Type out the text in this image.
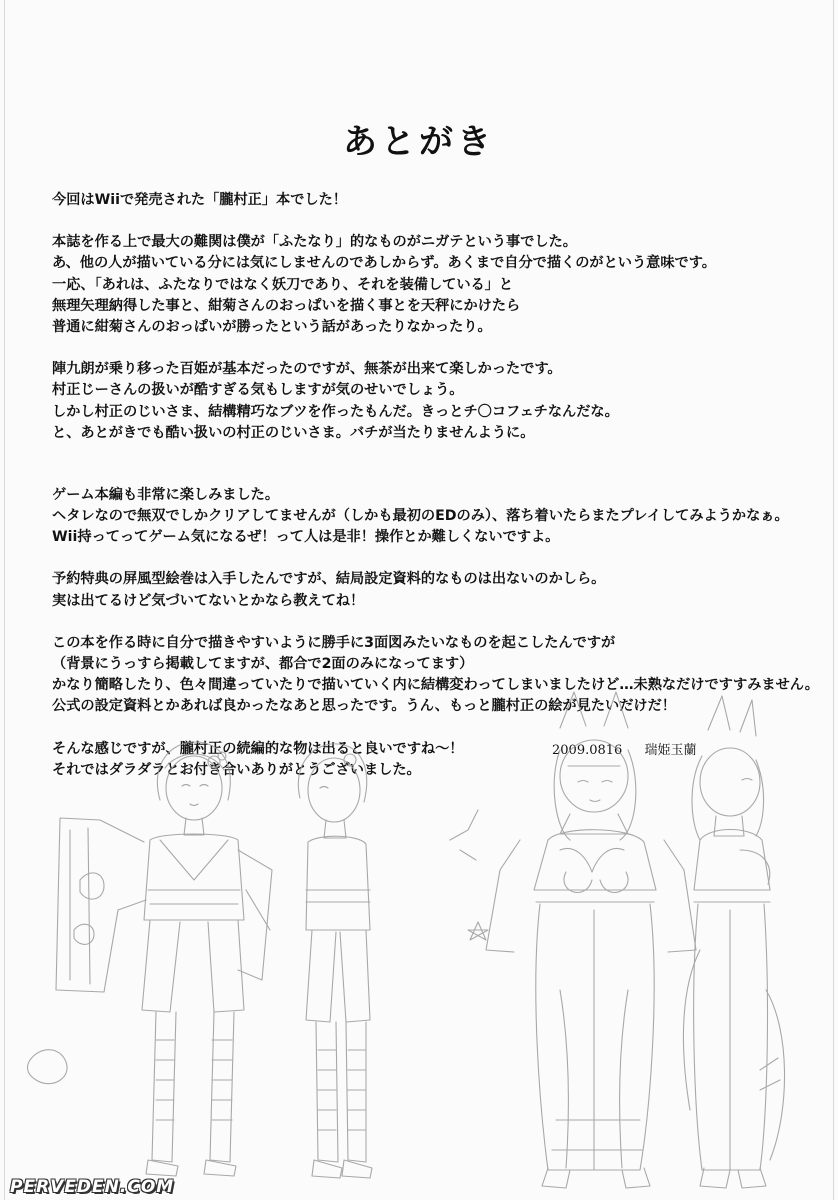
あとがき

今回はWiiで発売された「朧村正」本でした！

本誌を作る上で最大の難関は僕が「ふたなり」的なものがニガテという事でした。
あ、他の人が描いている分には気にしませんのであしからず。あくまで自分で描くのがという意味です。
一応、「あれは、ふたなりではなく妖刀であり、それを装備している」と
無理矢理納得した事と、紺菊さんのおっぱいを描く事とを天秤にかけたら
普通に紺菊さんのおっぱいが勝ったという話があったりなかったり。

陣九朗が乗り移った百姫が基本だったのですが、無茶が出来て楽しかったです。
村正じーさんの扱いが酷すぎる気もしますが気のせいでしょう。
しかし村正のじいさま、結構精巧なブツを作ったもんだ。きっとチ〇コフェチなんだな。
と、あとがきでも酷い扱いの村正のじいさま。バチが当たりませんように。

ゲーム本編も非常に楽しみました。
ヘタレなので無双でしかクリアしてませんが（しかも最初のEDのみ）、落ち着いたらまたプレイしてみようかなぁ。
Wii持ってってゲーム気になるぜ！って人は是非！操作とか難しくないですよ。

予約特典の屏風型絵巻は入手したんですが、結局設定資料的なものは出ないのかしら。
実は出てるけど気づいてないとかなら教えてね！

この本を作る時に自分で描きやすいように勝手に3面図みたいなものを起こしたんですが
（背景にうっすら掲載してますが、都合で2面のみになってます）
かなり簡略したり、色々間違っていたりで描いていく内に結構変わってしまいましたけど…未熟なだけですすみません。
公式の設定資料とかあれば良かったなあと思ったです。うん、もっと朧村正の絵が見たいだけだ！

そんな感じですが、朧村正の続編的な物は出ると良いですね～！
それではダラダラとお付き合いありがとうございました。

2009.0816 瑞姫玉蘭
PERVEDEN.COM
